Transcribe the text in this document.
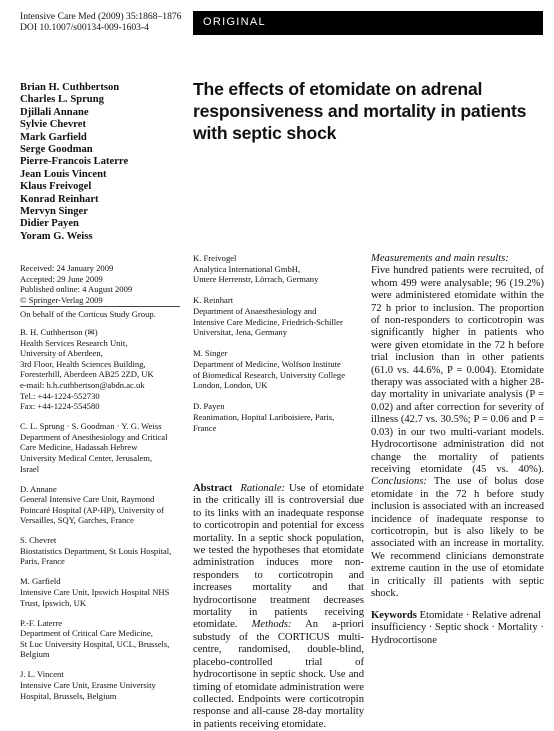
Intensive Care Med (2009) 35:1868–1876
DOI 10.1007/s00134-009-1603-4	ORIGINAL
Brian H. Cuthbertson
Charles L. Sprung
Djillali Annane
Sylvie Chevret
Mark Garfield
Serge Goodman
Pierre-Francois Laterre
Jean Louis Vincent
Klaus Freivogel
Konrad Reinhart
Mervyn Singer
Didier Payen
Yoram G. Weiss
The effects of etomidate on adrenal
responsiveness and mortality in patients
with septic shock
Received: 24 January 2009
Accepted: 29 June 2009
Published online: 4 August 2009
© Springer-Verlag 2009
On behalf of the Corticus Study Group.
B. H. Cuthbertson (✉)
Health Services Research Unit,
University of Aberdeen,
3rd Floor, Health Sciences Building,
Foresterhill, Aberdeen AB25 2ZD, UK
e-mail: b.h.cuthbertson@abdn.ac.uk
Tel.: +44-1224-552730
Fax: +44-1224-554580
C. L. Sprung · S. Goodman · Y. G. Weiss
Department of Anesthesiology and Critical
Care Medicine, Hadassah Hebrew
University Medical Center, Jerusalem,
Israel
D. Annane
General Intensive Care Unit, Raymond
Poincaré Hospital (AP-HP), University of
Versailles, SQY, Garches, France
S. Chevret
Biostatistics Department, St Louis Hospital,
Paris, France
M. Garfield
Intensive Care Unit, Ipswich Hospital NHS
Trust, Ipswich, UK
P.-F. Laterre
Department of Critical Care Medicine,
St Luc University Hospital, UCL, Brussels,
Belgium
J. L. Vincent
Intensive Care Unit, Erasme University
Hospital, Brussels, Belgium
K. Freivogel
Analytica International GmbH,
Untere Herrenstr, Lörrach, Germany
K. Reinhart
Department of Anaesthesiology and
Intensive Care Medicine, Friedrich-Schiller
Universitat, Jena, Germany
M. Singer
Department of Medicine, Wolfson Institute
of Biomedical Research, University College
London, London, UK
D. Payen
Reanimation, Hopital Lariboisiere, Paris,
France
Abstract Rationale: Use of etomidate in the critically ill is controversial due to its links with an inadequate response to corticotropin and potential for excess mortality. In a septic shock population, we tested the hypotheses that etomidate administration induces more non-responders to corticotropin and increases mortality and that hydrocortisone treatment decreases mortality in patients receiving etomidate. Methods: An a-priori substudy of the CORTICUS multi-centre, randomised, double-blind, placebo-controlled trial of hydrocortisone in septic shock. Use and timing of etomidate administration were collected. Endpoints were corticotropin response and all-cause 28-day mortality in patients receiving etomidate.
Measurements and main results:
Five hundred patients were recruited, of whom 499 were analysable; 96 (19.2%) were administered etomidate within the 72 h prior to inclusion. The proportion of non-responders to corticotropin was significantly higher in patients who were given etomidate in the 72 h before trial inclusion than in other patients (61.0 vs. 44.6%, P = 0.004). Etomidate therapy was associated with a higher 28-day mortality in univariate analysis (P = 0.02) and after correction for severity of illness (42.7 vs. 30.5%; P = 0.06 and P = 0.03) in our two multi-variant models. Hydrocortisone administration did not change the mortality of patients receiving etomidate (45 vs. 40%). Conclusions: The use of bolus dose etomidate in the 72 h before study inclusion is associated with an increased incidence of inadequate response to corticotropin, but is also likely to be associated with an increase in mortality. We recommend clinicians demonstrate extreme caution in the use of etomidate in critically ill patients with septic shock.
Keywords Etomidate · Relative adrenal insufficiency · Septic shock · Mortality · Hydrocortisone
